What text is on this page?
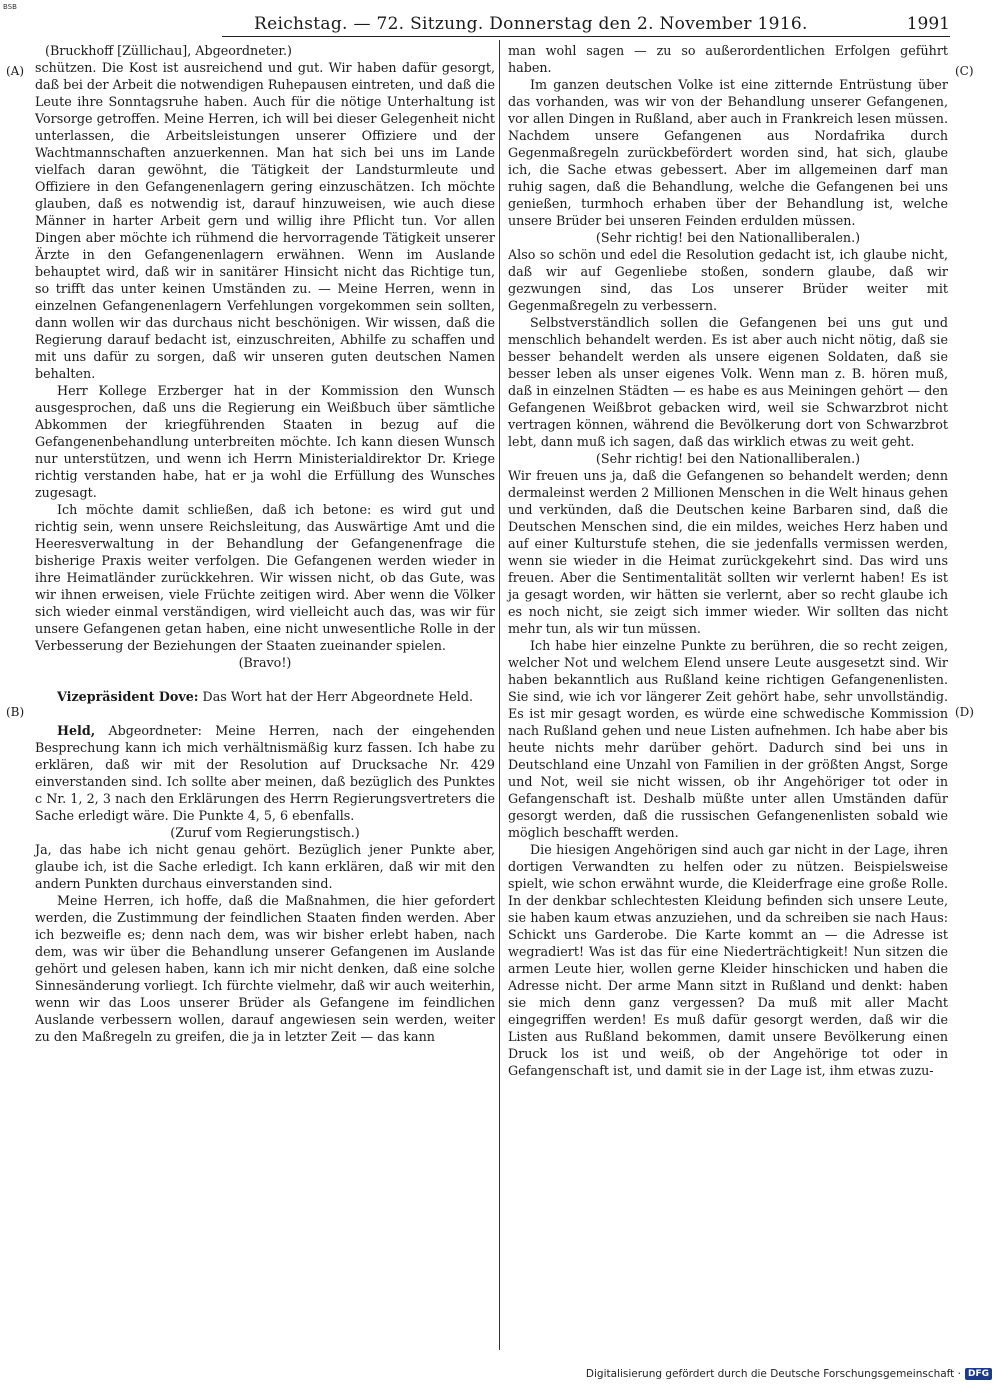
BSB
Reichstag. — 72. Sitzung. Donnerstag den 2. November 1916.	1991
(A)
(B)
(C)
(D)

(Bruckhoff [Züllichau], Abgeordneter.)

schützen. Die Kost ist ausreichend und gut. Wir haben dafür gesorgt, daß bei der Arbeit die notwendigen Ruhepausen eintreten, und daß die Leute ihre Sonntagsruhe haben. Auch für die nötige Unterhaltung ist Vorsorge getroffen. Meine Herren, ich will bei dieser Gelegenheit nicht unterlassen, die Arbeitsleistungen unserer Offiziere und der Wachtmannschaften anzuerkennen. Man hat sich bei uns im Lande vielfach daran gewöhnt, die Tätigkeit der Landsturmleute und Offiziere in den Gefangenenlagern gering einzuschätzen. Ich möchte glauben, daß es notwendig ist, darauf hinzuweisen, wie auch diese Männer in harter Arbeit gern und willig ihre Pflicht tun. Vor allen Dingen aber möchte ich rühmend die hervorragende Tätigkeit unserer Ärzte in den Gefangenenlagern erwähnen. Wenn im Auslande behauptet wird, daß wir in sanitärer Hinsicht nicht das Richtige tun, so trifft das unter keinen Umständen zu. — Meine Herren, wenn in einzelnen Gefangenenlagern Verfehlungen vorgekommen sein sollten, dann wollen wir das durchaus nicht beschönigen. Wir wissen, daß die Regierung darauf bedacht ist, einzuschreiten, Abhilfe zu schaffen und mit uns dafür zu sorgen, daß wir unseren guten deutschen Namen behalten.

Herr Kollege Erzberger hat in der Kommission den Wunsch ausgesprochen, daß uns die Regierung ein Weißbuch über sämtliche Abkommen der kriegführenden Staaten in bezug auf die Gefangenenbehandlung unterbreiten möchte. Ich kann diesen Wunsch nur unterstützen, und wenn ich Herrn Ministerialdirektor Dr. Kriege richtig verstanden habe, hat er ja wohl die Erfüllung des Wunsches zugesagt.

Ich möchte damit schließen, daß ich betone: es wird gut und richtig sein, wenn unsere Reichsleitung, das Auswärtige Amt und die Heeresverwaltung in der Behandlung der Gefangenenfrage die bisherige Praxis weiter verfolgen. Die Gefangenen werden wieder in ihre Heimatländer zurückkehren. Wir wissen nicht, ob das Gute, was wir ihnen erweisen, viele Früchte zeitigen wird. Aber wenn die Völker sich wieder einmal verständigen, wird vielleicht auch das, was wir für unsere Gefangenen getan haben, eine nicht unwesentliche Rolle in der Verbesserung der Beziehungen der Staaten zueinander spielen.

(Bravo!)

Vizepräsident Dove: Das Wort hat der Herr Abgeordnete Held.

Held, Abgeordneter: Meine Herren, nach der eingehenden Besprechung kann ich mich verhältnismäßig kurz fassen. Ich habe zu erklären, daß wir mit der Resolution auf Drucksache Nr. 429 einverstanden sind. Ich sollte aber meinen, daß bezüglich des Punktes c Nr. 1, 2, 3 nach den Erklärungen des Herrn Regierungsvertreters die Sache erledigt wäre. Die Punkte 4, 5, 6 ebenfalls.

(Zuruf vom Regierungstisch.)

Ja, das habe ich nicht genau gehört. Bezüglich jener Punkte aber, glaube ich, ist die Sache erledigt. Ich kann erklären, daß wir mit den andern Punkten durchaus einverstanden sind.

Meine Herren, ich hoffe, daß die Maßnahmen, die hier gefordert werden, die Zustimmung der feindlichen Staaten finden werden. Aber ich bezweifle es; denn nach dem, was wir bisher erlebt haben, nach dem, was wir über die Behandlung unserer Gefangenen im Auslande gehört und gelesen haben, kann ich mir nicht denken, daß eine solche Sinnesänderung vorliegt. Ich fürchte vielmehr, daß wir auch weiterhin, wenn wir das Loos unserer Brüder als Gefangene im feindlichen Auslande verbessern wollen, darauf angewiesen sein werden, weiter zu den Maßregeln zu greifen, die ja in letzter Zeit — das kann

man wohl sagen — zu so außerordentlichen Erfolgen geführt haben.

Im ganzen deutschen Volke ist eine zitternde Entrüstung über das vorhanden, was wir von der Behandlung unserer Gefangenen, vor allen Dingen in Rußland, aber auch in Frankreich lesen müssen. Nachdem unsere Gefangenen aus Nordafrika durch Gegenmaßregeln zurückbefördert worden sind, hat sich, glaube ich, die Sache etwas gebessert. Aber im allgemeinen darf man ruhig sagen, daß die Behandlung, welche die Gefangenen bei uns genießen, turmhoch erhaben über der Behandlung ist, welche unsere Brüder bei unseren Feinden erdulden müssen.

(Sehr richtig! bei den Nationalliberalen.)

Also so schön und edel die Resolution gedacht ist, ich glaube nicht, daß wir auf Gegenliebe stoßen, sondern glaube, daß wir gezwungen sind, das Los unserer Brüder weiter mit Gegenmaßregeln zu verbessern.

Selbstverständlich sollen die Gefangenen bei uns gut und menschlich behandelt werden. Es ist aber auch nicht nötig, daß sie besser behandelt werden als unsere eigenen Soldaten, daß sie besser leben als unser eigenes Volk. Wenn man z. B. hören muß, daß in einzelnen Städten — es habe es aus Meiningen gehört — den Gefangenen Weißbrot gebacken wird, weil sie Schwarzbrot nicht vertragen können, während die Bevölkerung dort von Schwarzbrot lebt, dann muß ich sagen, daß das wirklich etwas zu weit geht.

(Sehr richtig! bei den Nationalliberalen.)

Wir freuen uns ja, daß die Gefangenen so behandelt werden; denn dermaleinst werden 2 Millionen Menschen in die Welt hinaus gehen und verkünden, daß die Deutschen keine Barbaren sind, daß die Deutschen Menschen sind, die ein mildes, weiches Herz haben und auf einer Kulturstufe stehen, die sie jedenfalls vermissen werden, wenn sie wieder in die Heimat zurückgekehrt sind. Das wird uns freuen. Aber die Sentimentalität sollten wir verlernt haben! Es ist ja gesagt worden, wir hätten sie verlernt, aber so recht glaube ich es noch nicht, sie zeigt sich immer wieder. Wir sollten das nicht mehr tun, als wir tun müssen.

Ich habe hier einzelne Punkte zu berühren, die so recht zeigen, welcher Not und welchem Elend unsere Leute ausgesetzt sind. Wir haben bekanntlich aus Rußland keine richtigen Gefangenenlisten. Sie sind, wie ich vor längerer Zeit gehört habe, sehr unvollständig. Es ist mir gesagt worden, es würde eine schwedische Kommission nach Rußland gehen und neue Listen aufnehmen. Ich habe aber bis heute nichts mehr darüber gehört. Dadurch sind bei uns in Deutschland eine Unzahl von Familien in der größten Angst, Sorge und Not, weil sie nicht wissen, ob ihr Angehöriger tot oder in Gefangenschaft ist. Deshalb müßte unter allen Umständen dafür gesorgt werden, daß die russischen Gefangenenlisten sobald wie möglich beschafft werden.

Die hiesigen Angehörigen sind auch gar nicht in der Lage, ihren dortigen Verwandten zu helfen oder zu nützen. Beispielsweise spielt, wie schon erwähnt wurde, die Kleiderfrage eine große Rolle. In der denkbar schlechtesten Kleidung befinden sich unsere Leute, sie haben kaum etwas anzuziehen, und da schreiben sie nach Haus: Schickt uns Garderobe. Die Karte kommt an — die Adresse ist wegradiert! Was ist das für eine Niederträchtigkeit! Nun sitzen die armen Leute hier, wollen gerne Kleider hinschicken und haben die Adresse nicht. Der arme Mann sitzt in Rußland und denkt: haben sie mich denn ganz vergessen? Da muß mit aller Macht eingegriffen werden! Es muß dafür gesorgt werden, daß wir die Listen aus Rußland bekommen, damit unsere Bevölkerung einen Druck los ist und weiß, ob der Angehörige tot oder in Gefangenschaft ist, und damit sie in der Lage ist, ihm etwas zuzu-

Digitalisierung gefördert durch die Deutsche Forschungsgemeinschaft · DFG
